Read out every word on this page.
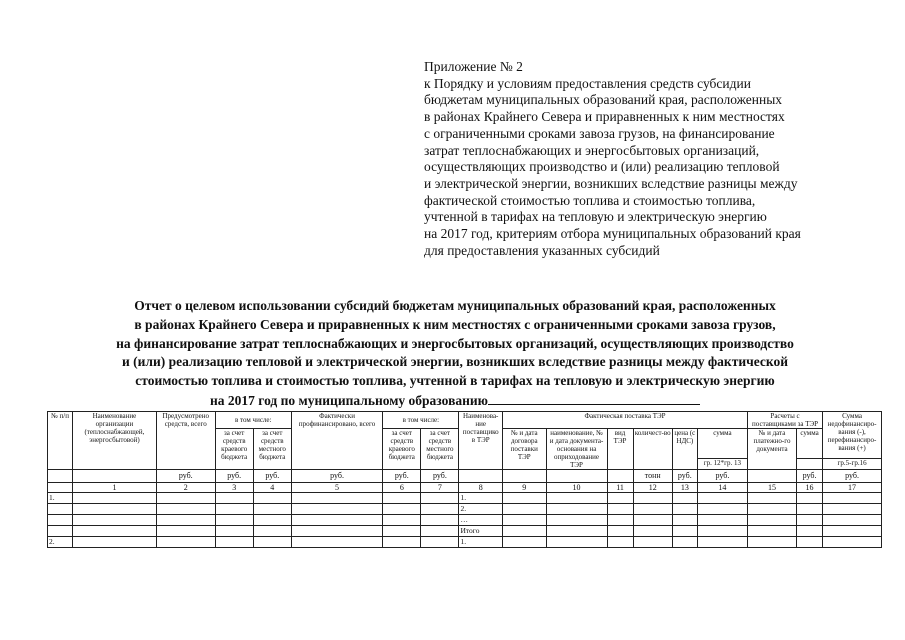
Приложение № 2
к Порядку и условиям предоставления средств субсидии
бюджетам муниципальных образований края, расположенных
в районах Крайнего Севера и приравненных к ним местностях
с ограниченными сроками завоза грузов, на финансирование
затрат теплоснабжающих и энергосбытовых организаций,
осуществляющих производство и (или) реализацию тепловой
и электрической энергии, возникших вследствие разницы между
фактической стоимостью топлива и стоимостью топлива,
учтенной в тарифах на тепловую и электрическую энергию
на 2017 год, критериям отбора муниципальных образований края
для предоставления указанных субсидий
Отчет о целевом использовании субсидий бюджетам муниципальных образований края, расположенных
в районах Крайнего Севера и приравненных к ним местностях с ограниченными сроками завоза грузов,
на финансирование затрат теплоснабжающих и энергосбытовых организаций, осуществляющих производство
и (или) реализацию тепловой и электрической энергии, возникших вследствие разницы между фактической
стоимостью топлива и стоимостью топлива, учтенной в тарифах на тепловую и электрическую энергию
на 2017 год по муниципальному образованию
№ п/п	Наименование организации (теплоснабжающей, энергосбытовой)	Предусмотрено средств, всего	в том числе:		Фактически профинансировано, всего	в том числе:		Наименова-ние поставщико в ТЭР	Фактическая поставка ТЭР						Расчеты с поставщиками за ТЭР		Сумма недофинансиро-вания (-), перефинансиро-вания (+)
			за счет средств краевого бюджета	за счет средств местного бюджета		за счет средств краевого бюджета	за счет средств местного бюджета		№ и дата договора поставки ТЭР	наименование, № и дата документа-основания на оприходование ТЭР	вид ТЭР	количест-во	цена (с НДС)	сумма	№ и дата платежно-го документа	сумма	
														гр. 12*гр. 13			гр.5-гр.16
		руб.	руб.	руб.	руб.	руб.	руб.					тонн	руб.	руб.		руб.	руб.
	1	2	3	4	5	6	7	8	9	10	11	12	13	14	15	16	17
1.								1.									
								2.									
								…									
								Итого									
2.								1.									
